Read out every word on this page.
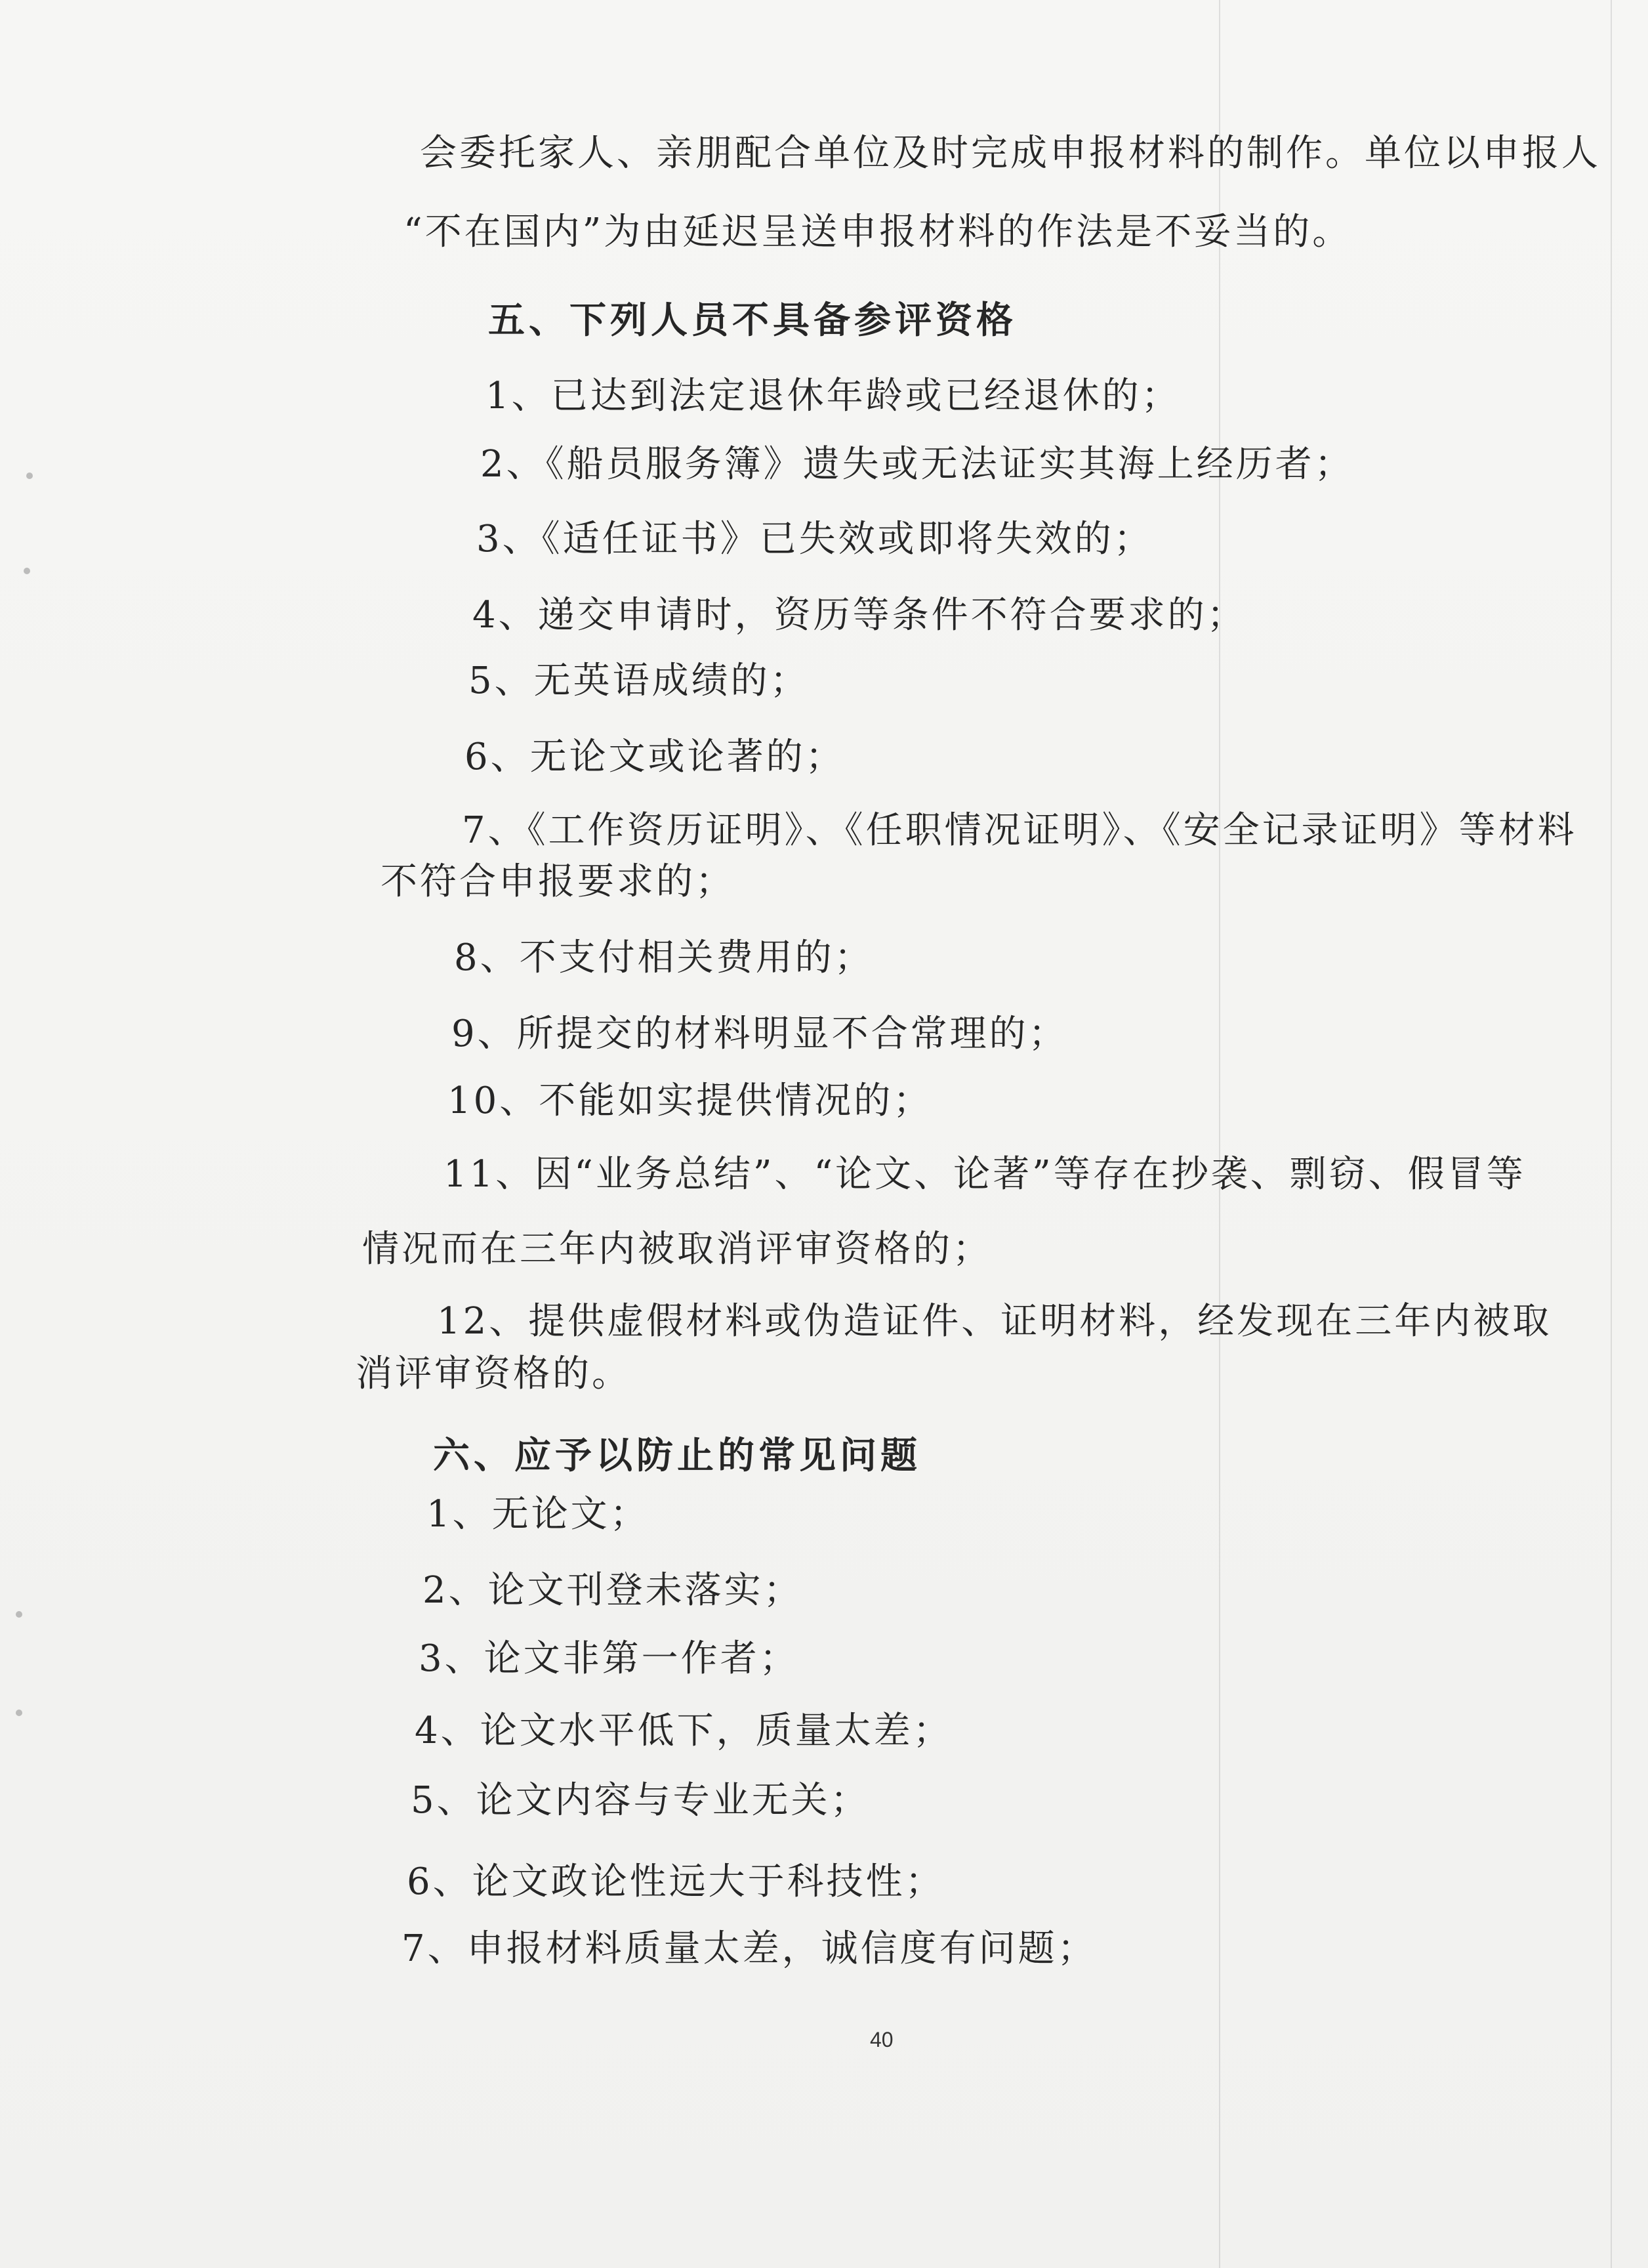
会委托家人、亲朋配合单位及时完成申报材料的制作。单位以申报人
“不在国内”为由延迟呈送申报材料的作法是不妥当的。
五、下列人员不具备参评资格
1、已达到法定退休年龄或已经退休的；
2、《船员服务簿》遗失或无法证实其海上经历者；
3、《适任证书》已失效或即将失效的；
4、递交申请时，资历等条件不符合要求的；
5、无英语成绩的；
6、无论文或论著的；
7、《工作资历证明》、《任职情况证明》、《安全记录证明》等材料
不符合申报要求的；
8、不支付相关费用的；
9、所提交的材料明显不合常理的；
10、不能如实提供情况的；
11、因“业务总结”、“论文、论著”等存在抄袭、剽窃、假冒等
情况而在三年内被取消评审资格的；
12、提供虚假材料或伪造证件、证明材料，经发现在三年内被取
消评审资格的。
六、应予以防止的常见问题
1、无论文；
2、论文刊登未落实；
3、论文非第一作者；
4、论文水平低下，质量太差；
5、论文内容与专业无关；
6、论文政论性远大于科技性；
7、申报材料质量太差，诚信度有问题；
40
